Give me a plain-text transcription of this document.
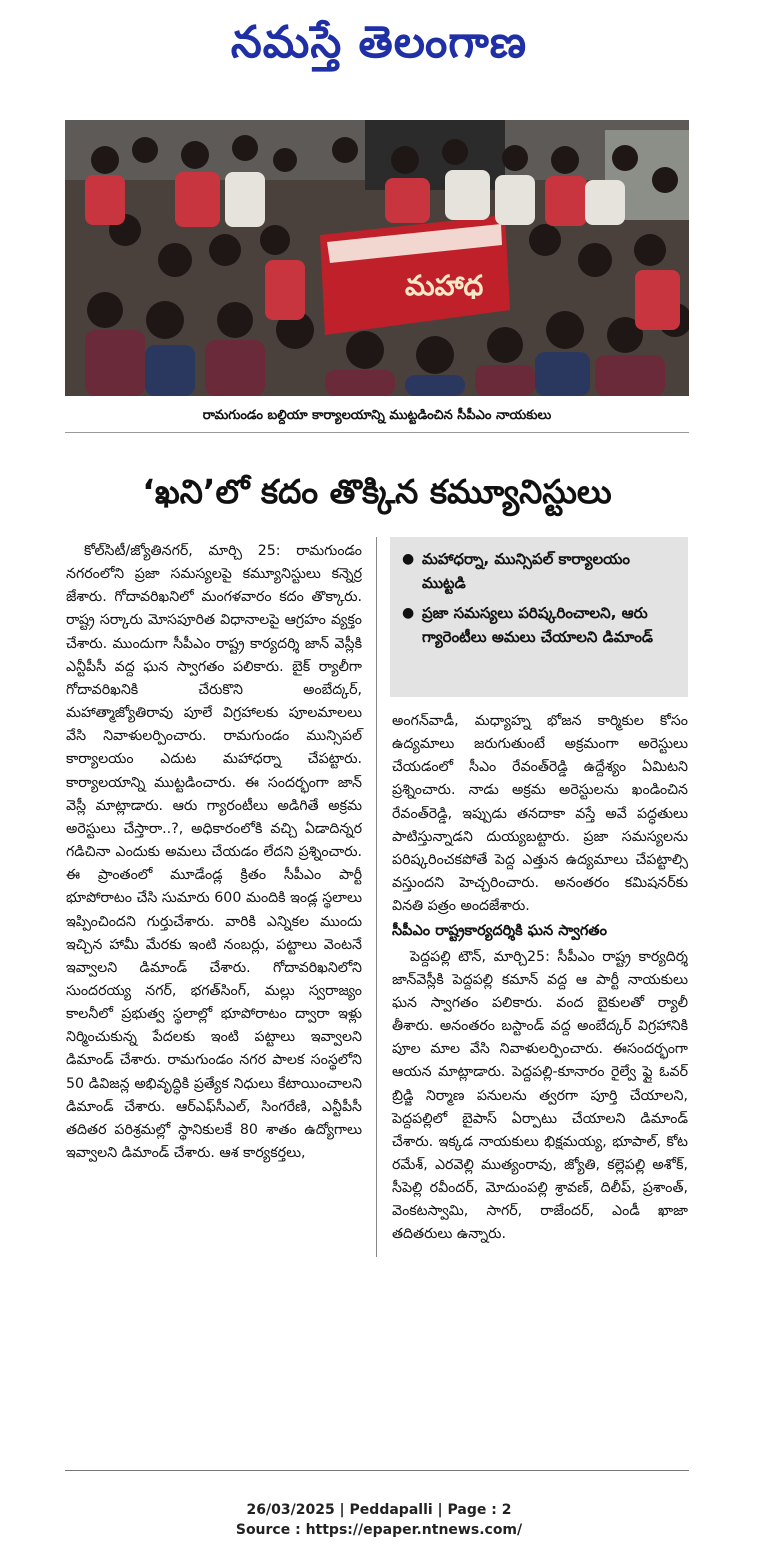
నమస్తే తెలంగాణ
మహాధ
రామగుండం బల్దియా కార్యాలయాన్ని ముట్టడించిన సీపీఎం నాయకులు
‘ఖని’లో కదం తొక్కిన కమ్యూనిస్టులు

కోల్‌సిటీ/జ్యోతినగర్, మార్చి 25: రామగుండం నగరంలోని ప్రజా సమస్యలపై కమ్యూనిస్టులు కన్నెర్ర జేశారు. గోదావరిఖనిలో మంగళవారం కదం తొక్కారు. రాష్ట్ర సర్కారు మోసపూరిత విధానాలపై ఆగ్రహం వ్యక్తం చేశారు. ముందుగా సీపీఎం రాష్ట్ర కార్యదర్శి జాన్ వెస్లీకి ఎన్టీపీసీ వద్ద ఘన స్వాగతం పలికారు. బైక్ ర్యాలీగా గోదావరిఖనికి చేరుకొని అంబేద్కర్, మహాత్మాజ్యోతిరావు పూలే విగ్రహాలకు పూలమాలలు వేసి నివాళులర్పించారు. రామగుండం మున్సిపల్ కార్యాలయం ఎదుట మహాధర్నా చేపట్టారు. కార్యాలయాన్ని ముట్టడించారు. ఈ సందర్భంగా జాన్ వెస్లీ మాట్లాడారు. ఆరు గ్యారంటీలు అడిగితే అక్రమ అరెస్టులు చేస్తారా..?, అధికారంలోకి వచ్చి ఏడాదిన్నర గడిచినా ఎందుకు అమలు చేయడం లేదని ప్రశ్నించారు. ఈ ప్రాంతంలో మూడేండ్ల క్రితం సీపీఎం పార్టీ భూపోరాటం చేసి సుమారు 600 మందికి ఇండ్ల స్థలాలు ఇప్పించిందని గుర్తుచేశారు. వారికి ఎన్నికల ముందు ఇచ్చిన హామీ మేరకు ఇంటి నంబర్లు, పట్టాలు వెంటనే ఇవ్వాలని డిమాండ్ చేశారు. గోదావరిఖనిలోని సుందరయ్య నగర్, భగత్‌సింగ్, మల్లు స్వరాజ్యం కాలనీలో ప్రభుత్వ స్థలాల్లో భూపోరాటం ద్వారా ఇళ్లు నిర్మించుకున్న పేదలకు ఇంటి పట్టాలు ఇవ్వాలని డిమాండ్ చేశారు. రామగుండం నగర పాలక సంస్థలోని 50 డివిజన్ల అభివృద్ధికి ప్రత్యేక నిధులు కేటాయించాలని డిమాండ్ చేశారు. ఆర్‌ఎఫ్‌సీఎల్, సింగరేణి, ఎన్టీపీసీ తదితర పరిశ్రమల్లో స్థానికులకే 80 శాతం ఉద్యోగాలు ఇవ్వాలని డిమాండ్ చేశారు. ఆశ కార్యకర్తలు,

● మహాధర్నా, మున్సిపల్ కార్యాలయం ముట్టడి
● ప్రజా సమస్యలు పరిష్కరించాలని, ఆరు గ్యారెంటీలు అమలు చేయాలని డిమాండ్

అంగన్‌వాడీ, మధ్యాహ్న భోజన కార్మికుల కోసం ఉద్యమాలు జరుగుతుంటే అక్రమంగా అరెస్టులు చేయడంలో సీఎం రేవంత్‌రెడ్డి ఉద్దేశ్యం ఏమిటని ప్రశ్నించారు. నాడు అక్రమ అరెస్టులను ఖండించిన రేవంత్‌రెడ్డి, ఇప్పుడు తనదాకా వస్తే అవే పద్ధతులు పాటిస్తున్నాడని దుయ్యబట్టారు. ప్రజా సమస్యలను పరిష్కరించకపోతే పెద్ద ఎత్తున ఉద్యమాలు చేపట్టాల్సి వస్తుందని హెచ్చరించారు. అనంతరం కమిషనర్‌కు వినతి పత్రం అందజేశారు.

సీపీఎం రాష్ట్రకార్యదర్శికి ఘన స్వాగతం

పెద్దపల్లి టౌన్, మార్చి25: సీపీఎం రాష్ట్ర కార్యదిర్శ జాన్‌వెస్లీకి పెద్దపల్లి కమాన్ వద్ద ఆ పార్టీ నాయకులు ఘన స్వాగతం పలికారు. వంద బైకులతో ర్యాలీ తీశారు. అనంతరం బస్టాండ్ వద్ద అంబేద్కర్ విగ్రహానికి పూల మాల వేసి నివాళులర్పించారు. ఈసందర్భంగా ఆయన మాట్లాడారు. పెద్దపల్లి-కూనారం రైల్వే ఫ్లై ఓవర్ బ్రిడ్జి నిర్మాణ పనులను త్వరగా పూర్తి చేయాలని, పెద్దపల్లిలో బైపాస్ ఏర్పాటు చేయాలని డిమాండ్ చేశారు. ఇక్కడ నాయకులు భిక్షమయ్య, భూపాల్, కోట రమేశ్, ఎరవెల్లి ముత్యంరావు, జ్యోతి, కల్లెపల్లి అశోక్, సీపెల్లి రవీందర్, మోదుంపల్లి శ్రావణ్, దిలీప్, ప్రశాంత్, వెంకటస్వామి, సాగర్, రాజేందర్, ఎండీ ఖాజా తదితరులు ఉన్నారు.

26/03/2025 | Peddapalli | Page : 2
Source : https://epaper.ntnews.com/
